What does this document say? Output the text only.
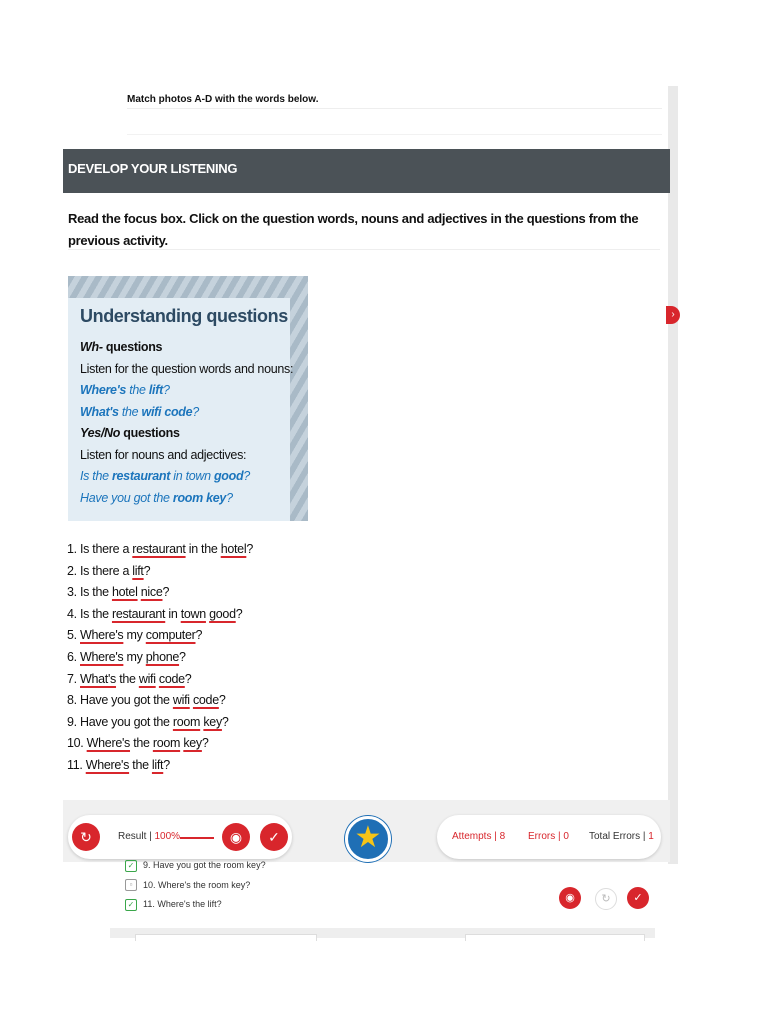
Match photos A-D with the words below.
DEVELOP YOUR LISTENING
Read the focus box. Click on the question words, nouns and adjectives in the questions from the previous activity.
›
Understanding questions
Wh- questions
Listen for the question words and nouns:
Where's the lift?
What's the wifi code?
Yes/No questions
Listen for nouns and adjectives:
Is the restaurant in town good?
Have you got the room key?
1. Is there a restaurant in the hotel?
2. Is there a lift?
3. Is the hotel nice?
4. Is the restaurant in town good?
5. Where's my computer?
6. Where's my phone?
7. What's the wifi code?
8. Have you got the wifi code?
9. Have you got the room key?
10. Where's the room key?
11. Where's the lift?
↻	Result | 100%	◉	✓	★	Attempts | 8 Errors | 0 Total Errors | 1
✓ 9. Have you got the room key?
▫ 10. Where's the room key?
✓ 11. Where's the lift?	◉	↻	✓
